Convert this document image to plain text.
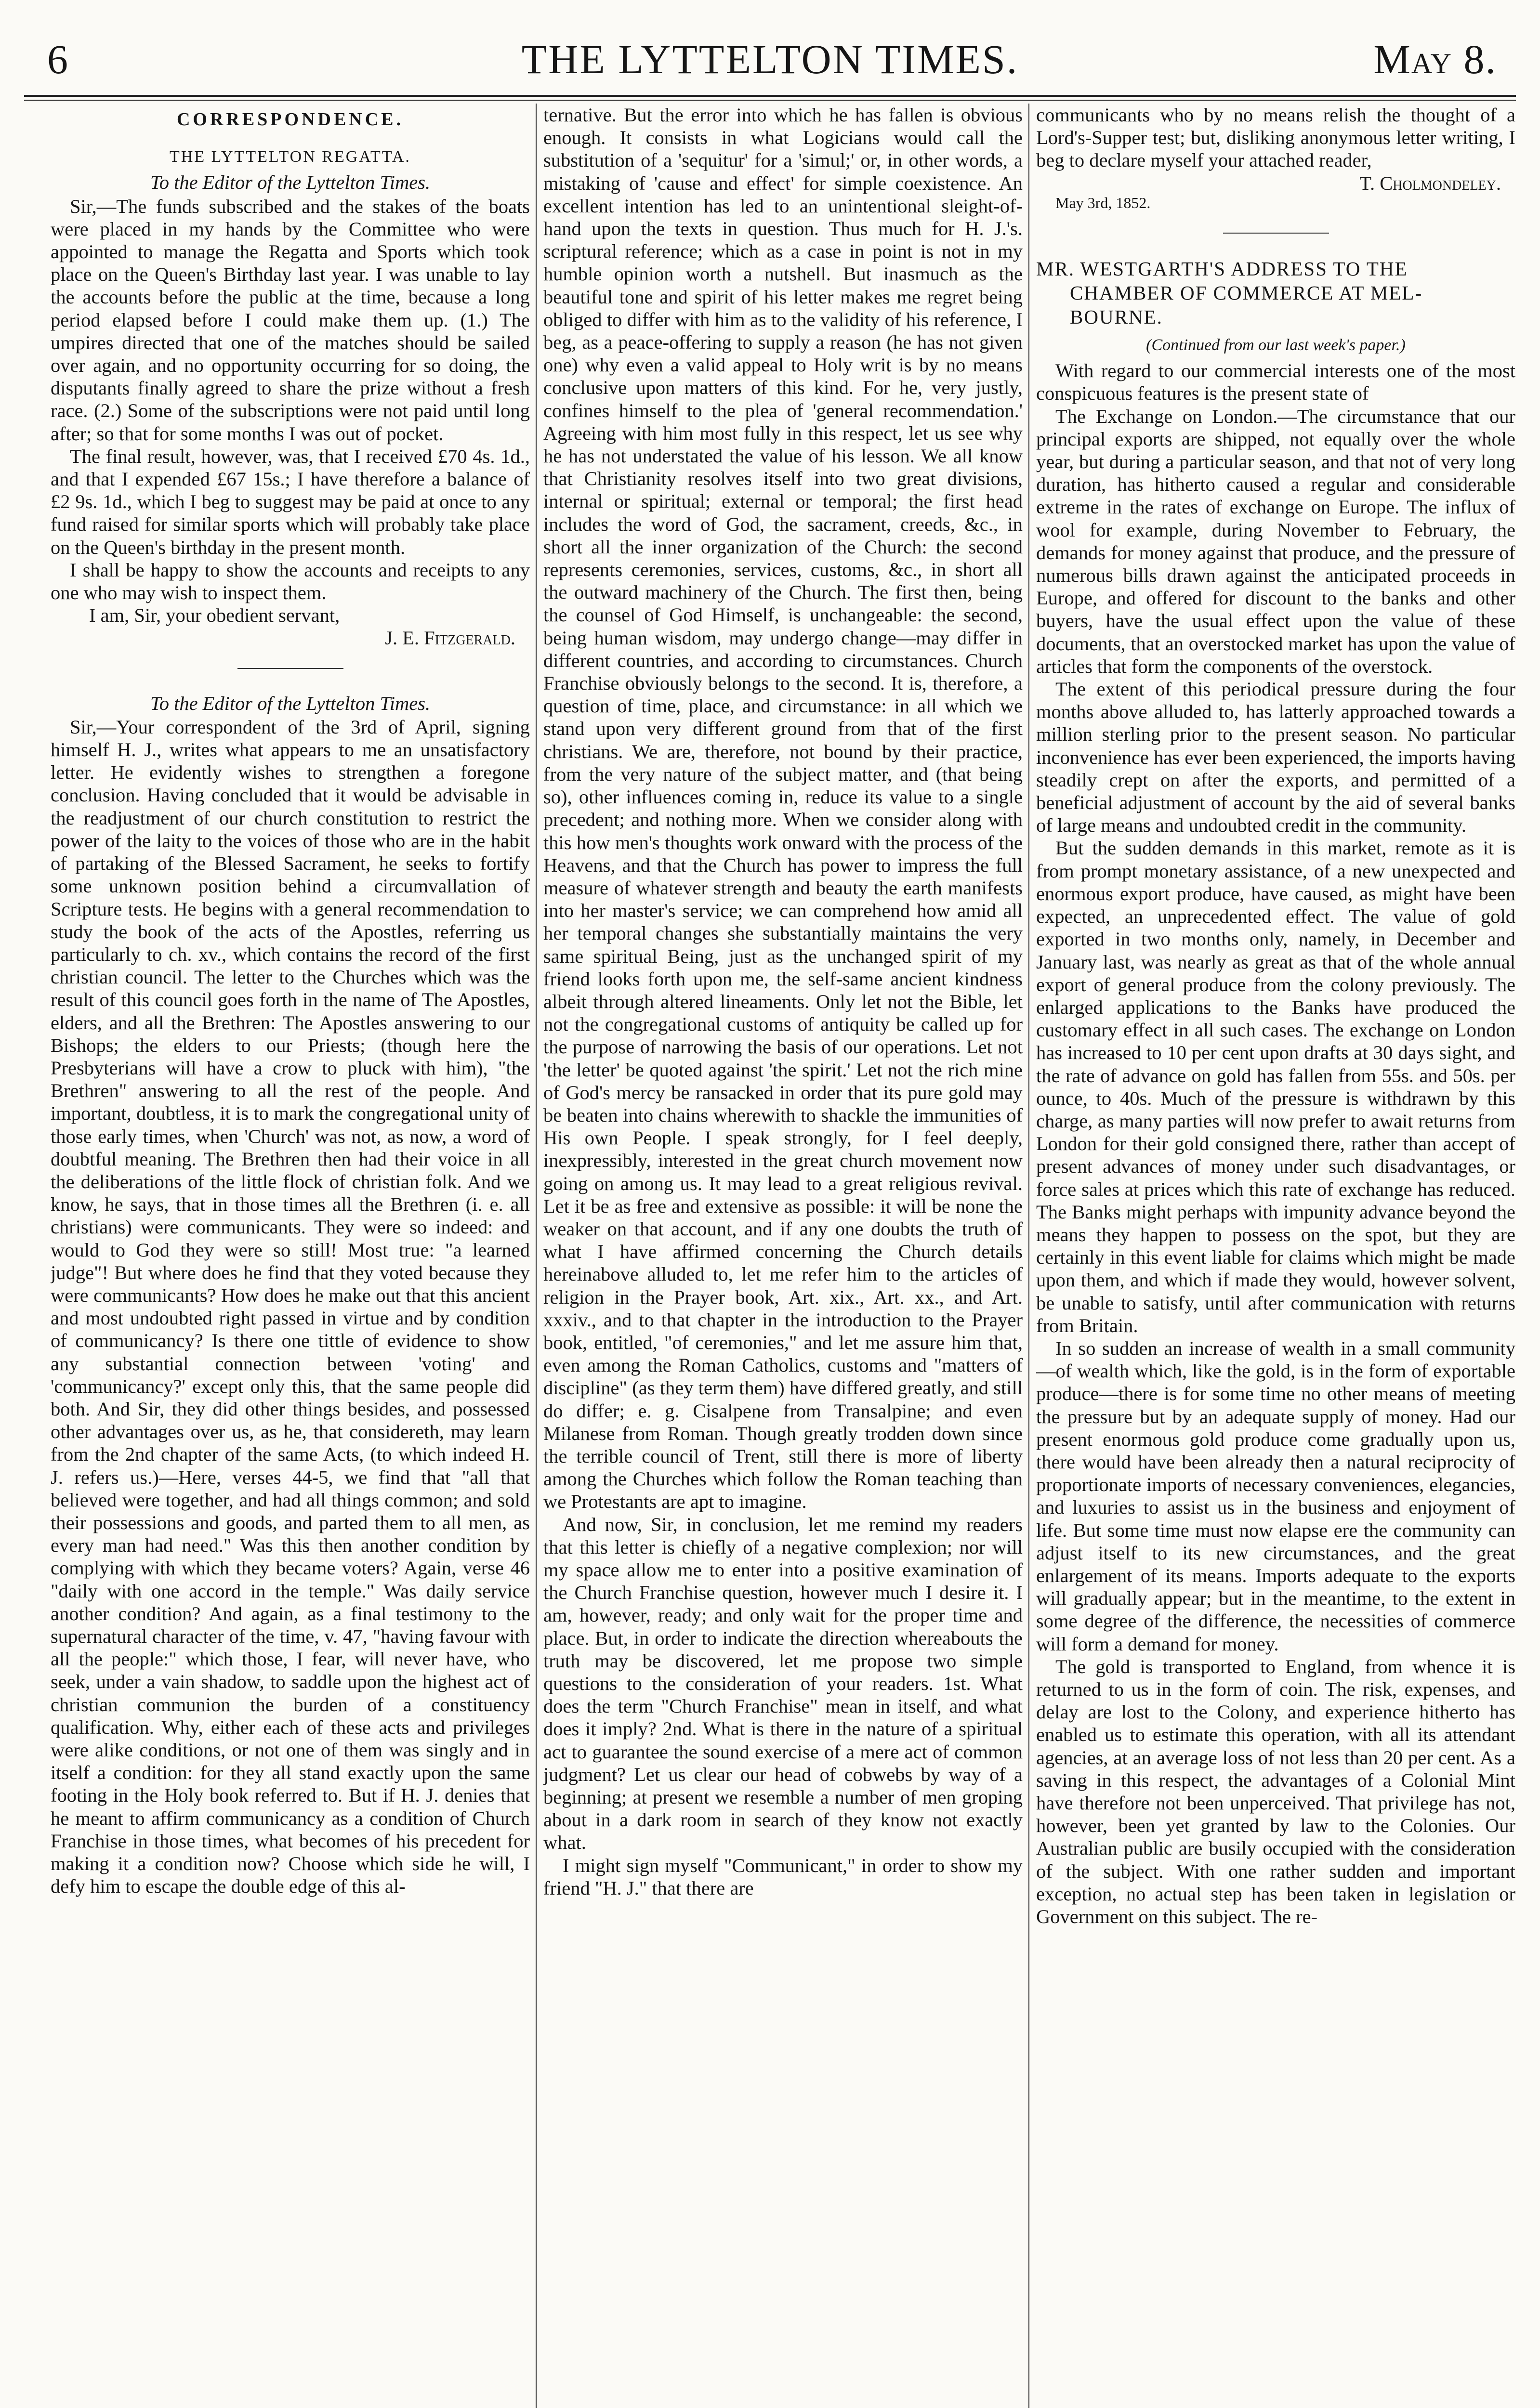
6	THE LYTTELTON TIMES.	May 8.
CORRESPONDENCE.
THE LYTTELTON REGATTA.
To the Editor of the Lyttelton Times.

Sir,—The funds subscribed and the stakes of the boats were placed in my hands by the Committee who were appointed to manage the Regatta and Sports which took place on the Queen's Birthday last year. I was unable to lay the accounts before the public at the time, because a long period elapsed before I could make them up. (1.) The umpires directed that one of the matches should be sailed over again, and no opportunity occurring for so doing, the disputants finally agreed to share the prize without a fresh race. (2.) Some of the subscriptions were not paid until long after; so that for some months I was out of pocket.

The final result, however, was, that I received £70 4s. 1d., and that I expended £67 15s.; I have therefore a balance of £2 9s. 1d., which I beg to suggest may be paid at once to any fund raised for similar sports which will probably take place on the Queen's birthday in the present month.

I shall be happy to show the accounts and receipts to any one who may wish to inspect them.

I am, Sir, your obedient servant,

J. E. Fitzgerald.
To the Editor of the Lyttelton Times.

Sir,—Your correspondent of the 3rd of April, signing himself H. J., writes what appears to me an unsatisfactory letter. He evidently wishes to strengthen a foregone conclusion. Having concluded that it would be advisable in the readjustment of our church constitution to restrict the power of the laity to the voices of those who are in the habit of partaking of the Blessed Sacrament, he seeks to fortify some unknown position behind a circumvallation of Scripture tests. He begins with a general recommendation to study the book of the acts of the Apostles, referring us particularly to ch. xv., which contains the record of the first christian council. The letter to the Churches which was the result of this council goes forth in the name of The Apostles, elders, and all the Brethren: The Apostles answering to our Bishops; the elders to our Priests; (though here the Presbyterians will have a crow to pluck with him), "the Brethren" answering to all the rest of the people. And important, doubtless, it is to mark the congregational unity of those early times, when 'Church' was not, as now, a word of doubtful meaning. The Brethren then had their voice in all the deliberations of the little flock of christian folk. And we know, he says, that in those times all the Brethren (i. e. all christians) were communicants. They were so indeed: and would to God they were so still! Most true: "a learned judge"! But where does he find that they voted because they were communicants? How does he make out that this ancient and most undoubted right passed in virtue and by condition of communicancy? Is there one tittle of evidence to show any substantial connection between 'voting' and 'communicancy?' except only this, that the same people did both. And Sir, they did other things besides, and possessed other advantages over us, as he, that considereth, may learn from the 2nd chapter of the same Acts, (to which indeed H. J. refers us.)—Here, verses 44-5, we find that "all that believed were together, and had all things common; and sold their possessions and goods, and parted them to all men, as every man had need." Was this then another condition by complying with which they became voters? Again, verse 46 "daily with one accord in the temple." Was daily service another condition? And again, as a final testimony to the supernatural character of the time, v. 47, "having favour with all the people:" which those, I fear, will never have, who seek, under a vain shadow, to saddle upon the highest act of christian communion the burden of a constituency qualification. Why, either each of these acts and privileges were alike conditions, or not one of them was singly and in itself a condition: for they all stand exactly upon the same footing in the Holy book referred to. But if H. J. denies that he meant to affirm communicancy as a condition of Church Franchise in those times, what becomes of his precedent for making it a condition now? Choose which side he will, I defy him to escape the double edge of this al-

ternative. But the error into which he has fallen is obvious enough. It consists in what Logicians would call the substitution of a 'sequitur' for a 'simul;' or, in other words, a mistaking of 'cause and effect' for simple coexistence. An excellent intention has led to an unintentional sleight-of-hand upon the texts in question. Thus much for H. J.'s. scriptural reference; which as a case in point is not in my humble opinion worth a nutshell. But inasmuch as the beautiful tone and spirit of his letter makes me regret being obliged to differ with him as to the validity of his reference, I beg, as a peace-offering to supply a reason (he has not given one) why even a valid appeal to Holy writ is by no means conclusive upon matters of this kind. For he, very justly, confines himself to the plea of 'general recommendation.' Agreeing with him most fully in this respect, let us see why he has not understated the value of his lesson. We all know that Christianity resolves itself into two great divisions, internal or spiritual; external or temporal; the first head includes the word of God, the sacrament, creeds, &c., in short all the inner organization of the Church: the second represents ceremonies, services, customs, &c., in short all the outward machinery of the Church. The first then, being the counsel of God Himself, is unchangeable: the second, being human wisdom, may undergo change—may differ in different countries, and according to circumstances. Church Franchise obviously belongs to the second. It is, therefore, a question of time, place, and circumstance: in all which we stand upon very different ground from that of the first christians. We are, therefore, not bound by their practice, from the very nature of the subject matter, and (that being so), other influences coming in, reduce its value to a single precedent; and nothing more. When we consider along with this how men's thoughts work onward with the process of the Heavens, and that the Church has power to impress the full measure of whatever strength and beauty the earth manifests into her master's service; we can comprehend how amid all her temporal changes she substantially maintains the very same spiritual Being, just as the unchanged spirit of my friend looks forth upon me, the self-same ancient kindness albeit through altered lineaments. Only let not the Bible, let not the congregational customs of antiquity be called up for the purpose of narrowing the basis of our operations. Let not 'the letter' be quoted against 'the spirit.' Let not the rich mine of God's mercy be ransacked in order that its pure gold may be beaten into chains wherewith to shackle the immunities of His own People. I speak strongly, for I feel deeply, inexpressibly, interested in the great church movement now going on among us. It may lead to a great religious revival. Let it be as free and extensive as possible: it will be none the weaker on that account, and if any one doubts the truth of what I have affirmed concerning the Church details hereinabove alluded to, let me refer him to the articles of religion in the Prayer book, Art. xix., Art. xx., and Art. xxxiv., and to that chapter in the introduction to the Prayer book, entitled, "of ceremonies," and let me assure him that, even among the Roman Catholics, customs and "matters of discipline" (as they term them) have differed greatly, and still do differ; e. g. Cisalpene from Transalpine; and even Milanese from Roman. Though greatly trodden down since the terrible council of Trent, still there is more of liberty among the Churches which follow the Roman teaching than we Protestants are apt to imagine.

And now, Sir, in conclusion, let me remind my readers that this letter is chiefly of a negative complexion; nor will my space allow me to enter into a positive examination of the Church Franchise question, however much I desire it. I am, however, ready; and only wait for the proper time and place. But, in order to indicate the direction whereabouts the truth may be discovered, let me propose two simple questions to the consideration of your readers. 1st. What does the term "Church Franchise" mean in itself, and what does it imply? 2nd. What is there in the nature of a spiritual act to guarantee the sound exercise of a mere act of common judgment? Let us clear our head of cobwebs by way of a beginning; at present we resemble a number of men groping about in a dark room in search of they know not exactly what.

I might sign myself "Communicant," in order to show my friend "H. J." that there are

communicants who by no means relish the thought of a Lord's-Supper test; but, disliking anonymous letter writing, I beg to declare myself your attached reader,

T. Cholmondeley.
May 3rd, 1852.
MR. WESTGARTH'S ADDRESS TO THE
CHAMBER OF COMMERCE AT MEL-
BOURNE.
(Continued from our last week's paper.)

With regard to our commercial interests one of the most conspicuous features is the present state of

The Exchange on London.—The circumstance that our principal exports are shipped, not equally over the whole year, but during a particular season, and that not of very long duration, has hitherto caused a regular and considerable extreme in the rates of exchange on Europe. The influx of wool for example, during November to February, the demands for money against that produce, and the pressure of numerous bills drawn against the anticipated proceeds in Europe, and offered for discount to the banks and other buyers, have the usual effect upon the value of these documents, that an overstocked market has upon the value of articles that form the components of the overstock.

The extent of this periodical pressure during the four months above alluded to, has latterly approached towards a million sterling prior to the present season. No particular inconvenience has ever been experienced, the imports having steadily crept on after the exports, and permitted of a beneficial adjustment of account by the aid of several banks of large means and undoubted credit in the community.

But the sudden demands in this market, remote as it is from prompt monetary assistance, of a new unexpected and enormous export produce, have caused, as might have been expected, an unprecedented effect. The value of gold exported in two months only, namely, in December and January last, was nearly as great as that of the whole annual export of general produce from the colony previously. The enlarged applications to the Banks have produced the customary effect in all such cases. The exchange on London has increased to 10 per cent upon drafts at 30 days sight, and the rate of advance on gold has fallen from 55s. and 50s. per ounce, to 40s. Much of the pressure is withdrawn by this charge, as many parties will now prefer to await returns from London for their gold consigned there, rather than accept of present advances of money under such disadvantages, or force sales at prices which this rate of exchange has reduced. The Banks might perhaps with impunity advance beyond the means they happen to possess on the spot, but they are certainly in this event liable for claims which might be made upon them, and which if made they would, however solvent, be unable to satisfy, until after communication with returns from Britain.

In so sudden an increase of wealth in a small community—of wealth which, like the gold, is in the form of exportable produce—there is for some time no other means of meeting the pressure but by an adequate supply of money. Had our present enormous gold produce come gradually upon us, there would have been already then a natural reciprocity of proportionate imports of necessary conveniences, elegancies, and luxuries to assist us in the business and enjoyment of life. But some time must now elapse ere the community can adjust itself to its new circumstances, and the great enlargement of its means. Imports adequate to the exports will gradually appear; but in the meantime, to the extent in some degree of the difference, the necessities of commerce will form a demand for money.

The gold is transported to England, from whence it is returned to us in the form of coin. The risk, expenses, and delay are lost to the Colony, and experience hitherto has enabled us to estimate this operation, with all its attendant agencies, at an average loss of not less than 20 per cent. As a saving in this respect, the advantages of a Colonial Mint have therefore not been unperceived. That privilege has not, however, been yet granted by law to the Colonies. Our Australian public are busily occupied with the consideration of the subject. With one rather sudden and important exception, no actual step has been taken in legislation or Government on this subject. The re-
